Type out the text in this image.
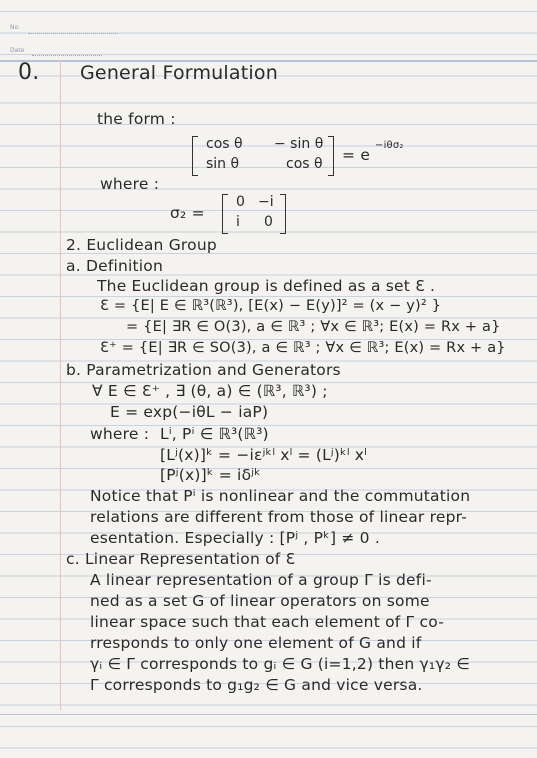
No.
Date
0. General Formulation
the form :
cos θ − sin θ
sin θ	cos θ = e
−iθσ₂
where :
σ₂ =
0 −i
i 0
2. Euclidean Group
a. Definition
The Euclidean group is defined as a set Ɛ .
Ɛ = {E| E ∈ ℝ³(ℝ³), [E(x) − E(y)]² = (x − y)² }
= {E| ∃R ∈ O(3), a ∈ ℝ³ ; ∀x ∈ ℝ³; E(x) = Rx + a}
Ɛ⁺ = {E| ∃R ∈ SO(3), a ∈ ℝ³ ; ∀x ∈ ℝ³; E(x) = Rx + a}
b. Parametrization and Generators
∀ E ∈ Ɛ⁺ , ∃ (θ, a) ∈ (ℝ³, ℝ³) ;
E = exp(−iθL − iaP)
where : Lⁱ, Pⁱ ∈ ℝ³(ℝ³)
[Lʲ(x)]ᵏ = −iεʲᵏˡ xˡ = (Lʲ)ᵏˡ xˡ
[Pʲ(x)]ᵏ = iδʲᵏ
Notice that Pⁱ is nonlinear and the commutation
relations are different from those of linear repr-
esentation. Especially : [Pʲ , Pᵏ] ≠ 0 .
c. Linear Representation of Ɛ
A linear representation of a group Γ is defi-
ned as a set G of linear operators on some
linear space such that each element of Γ co-
rresponds to only one element of G and if
γᵢ ∈ Γ corresponds to gᵢ ∈ G (i=1,2) then γ₁γ₂ ∈
Γ corresponds to g₁g₂ ∈ G and vice versa.
